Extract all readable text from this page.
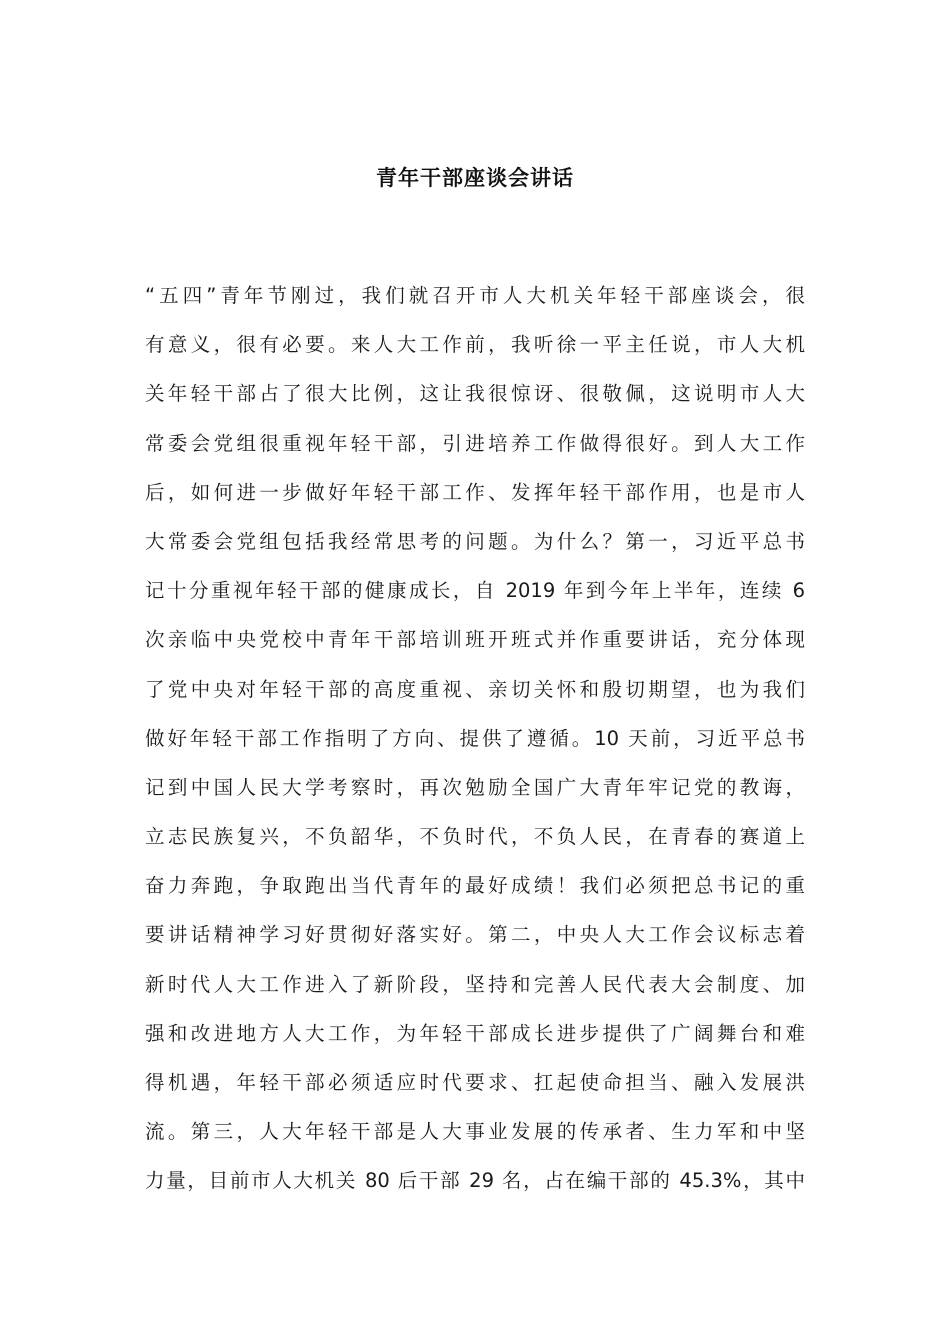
青年干部座谈会讲话
“五四”青年节刚过，我们就召开市人大机关年轻干部座谈会，很
有意义，很有必要。来人大工作前，我听徐一平主任说，市人大机
关年轻干部占了很大比例，这让我很惊讶、很敬佩，这说明市人大
常委会党组很重视年轻干部，引进培养工作做得很好。到人大工作
后，如何进一步做好年轻干部工作、发挥年轻干部作用，也是市人
大常委会党组包括我经常思考的问题。为什么？第一，习近平总书
记十分重视年轻干部的健康成长，自 2019 年到今年上半年，连续 6
次亲临中央党校中青年干部培训班开班式并作重要讲话，充分体现
了党中央对年轻干部的高度重视、亲切关怀和殷切期望，也为我们
做好年轻干部工作指明了方向、提供了遵循。10 天前，习近平总书
记到中国人民大学考察时，再次勉励全国广大青年牢记党的教诲，
立志民族复兴，不负韶华，不负时代，不负人民，在青春的赛道上
奋力奔跑，争取跑出当代青年的最好成绩！我们必须把总书记的重
要讲话精神学习好贯彻好落实好。第二，中央人大工作会议标志着
新时代人大工作进入了新阶段，坚持和完善人民代表大会制度、加
强和改进地方人大工作，为年轻干部成长进步提供了广阔舞台和难
得机遇，年轻干部必须适应时代要求、扛起使命担当、融入发展洪
流。第三，人大年轻干部是人大事业发展的传承者、生力军和中坚
力量，目前市人大机关 80 后干部 29 名，占在编干部的 45.3%，其中
